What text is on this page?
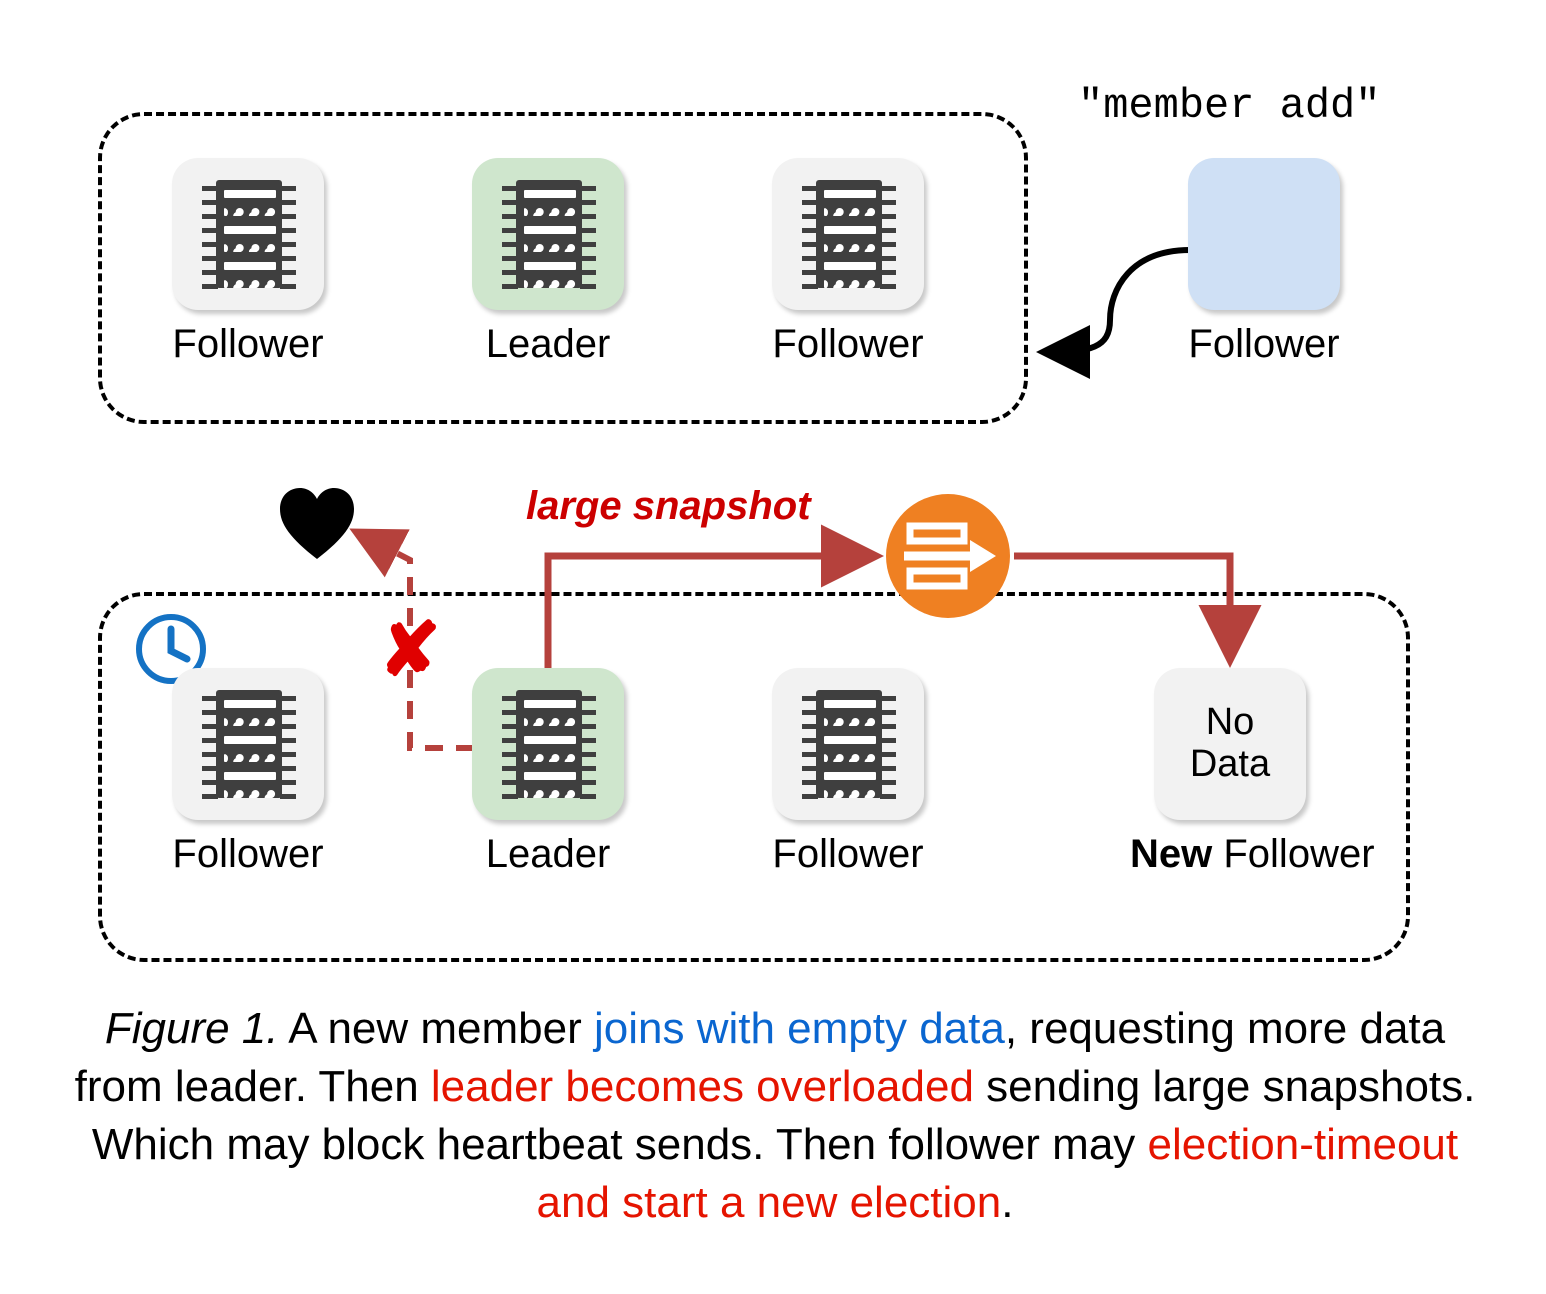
Follower	Leader	Follower
"member add"
Follower
large snapshot
✘
Follower	Leader	Follower
No
Data
New Follower
Figure 1. A new member joins with empty data, requesting more data from leader. Then leader becomes overloaded sending large snapshots. Which may block heartbeat sends. Then follower may election-timeout and start a new election.
